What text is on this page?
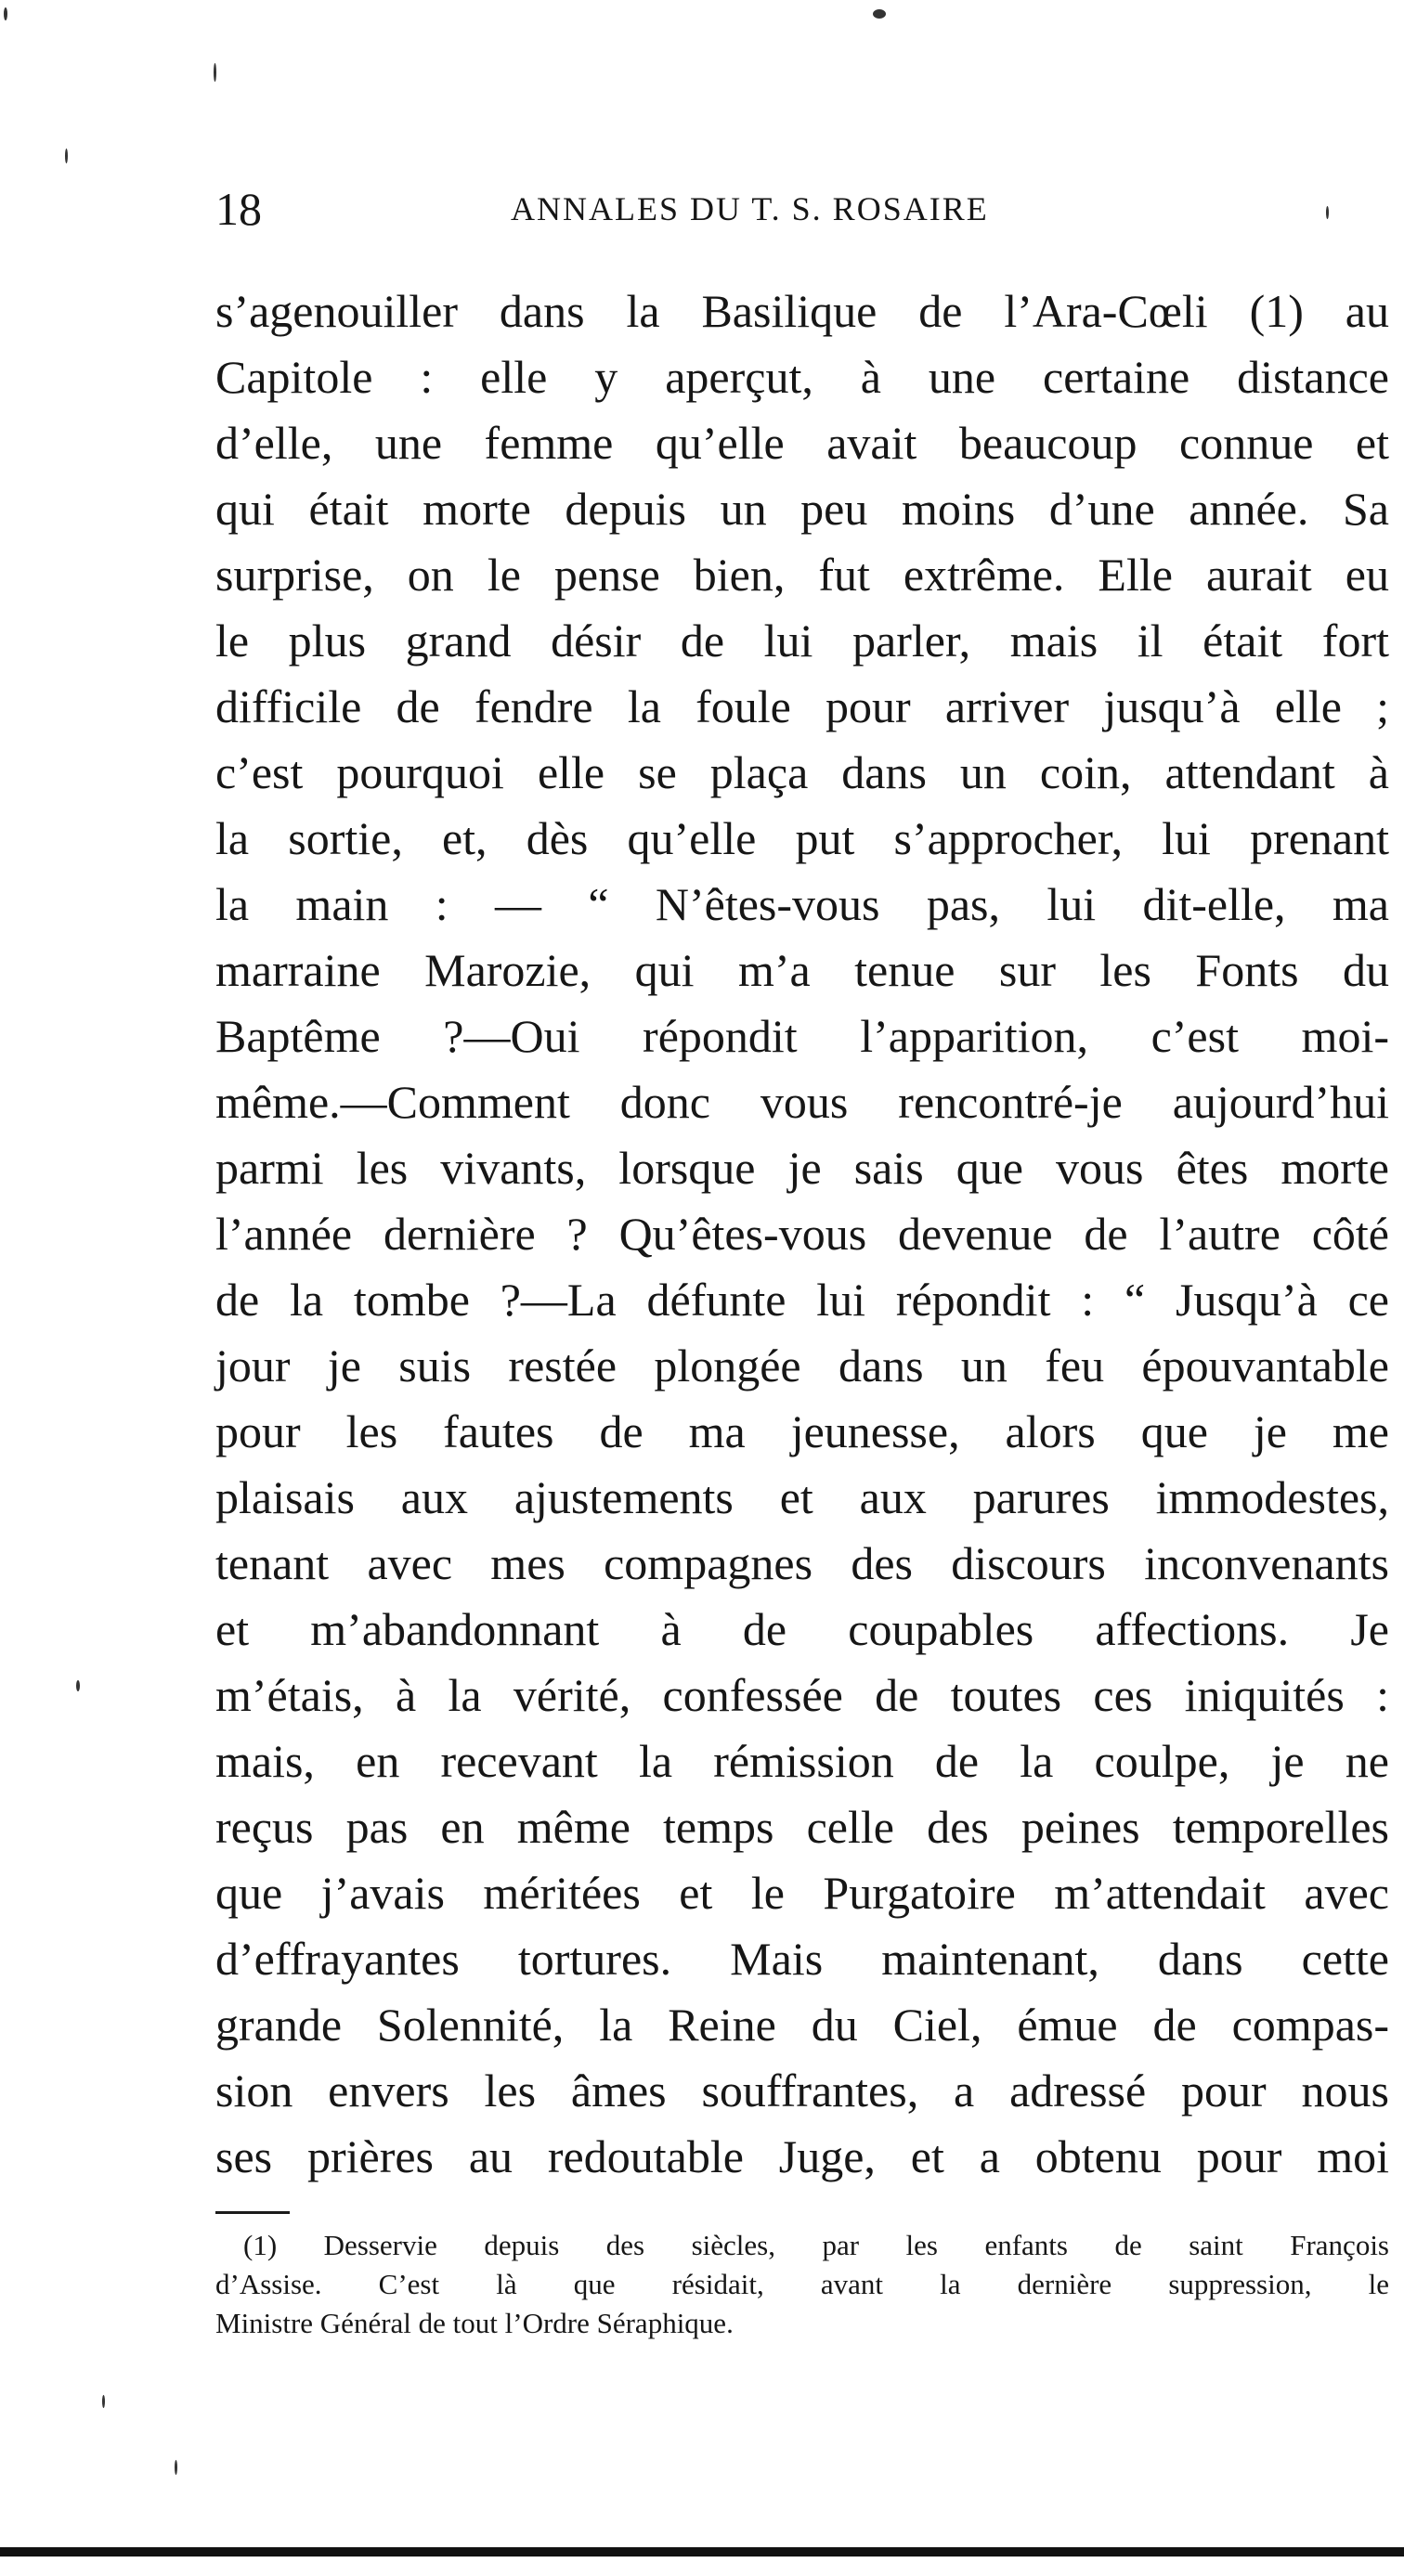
18	ANNALES DU T. S. ROSAIRE
s’agenouiller dans la Basilique de l’Ara-Cœli (1) au
Capitole : elle y aperçut, à une certaine distance
d’elle, une femme qu’elle avait beaucoup connue et
qui était morte depuis un peu moins d’une année. Sa
surprise, on le pense bien, fut extrême. Elle aurait eu
le plus grand désir de lui parler, mais il était fort
difficile de fendre la foule pour arriver jusqu’à elle ;
c’est pourquoi elle se plaça dans un coin, attendant à
la sortie, et, dès qu’elle put s’approcher, lui prenant
la main : — “ N’êtes-vous pas, lui dit-elle, ma
marraine Marozie, qui m’a tenue sur les Fonts du
Baptême ?—Oui répondit l’apparition, c’est moi-
même.—Comment donc vous rencontré-je aujourd’hui
parmi les vivants, lorsque je sais que vous êtes morte
l’année dernière ? Qu’êtes-vous devenue de l’autre côté
de la tombe ?—La défunte lui répondit : “ Jusqu’à ce
jour je suis restée plongée dans un feu épouvantable
pour les fautes de ma jeunesse, alors que je me
plaisais aux ajustements et aux parures immodestes,
tenant avec mes compagnes des discours inconvenants
et m’abandonnant à de coupables affections. Je
m’étais, à la vérité, confessée de toutes ces iniquités :
mais, en recevant la rémission de la coulpe, je ne
reçus pas en même temps celle des peines temporelles
que j’avais méritées et le Purgatoire m’attendait avec
d’effrayantes tortures. Mais maintenant, dans cette
grande Solennité, la Reine du Ciel, émue de compas-
sion envers les âmes souffrantes, a adressé pour nous
ses prières au redoutable Juge, et a obtenu pour moi
(1) Desservie depuis des siècles, par les enfants de saint François
d’Assise. C’est là que résidait, avant la dernière suppression, le
Ministre Général de tout l’Ordre Séraphique.
